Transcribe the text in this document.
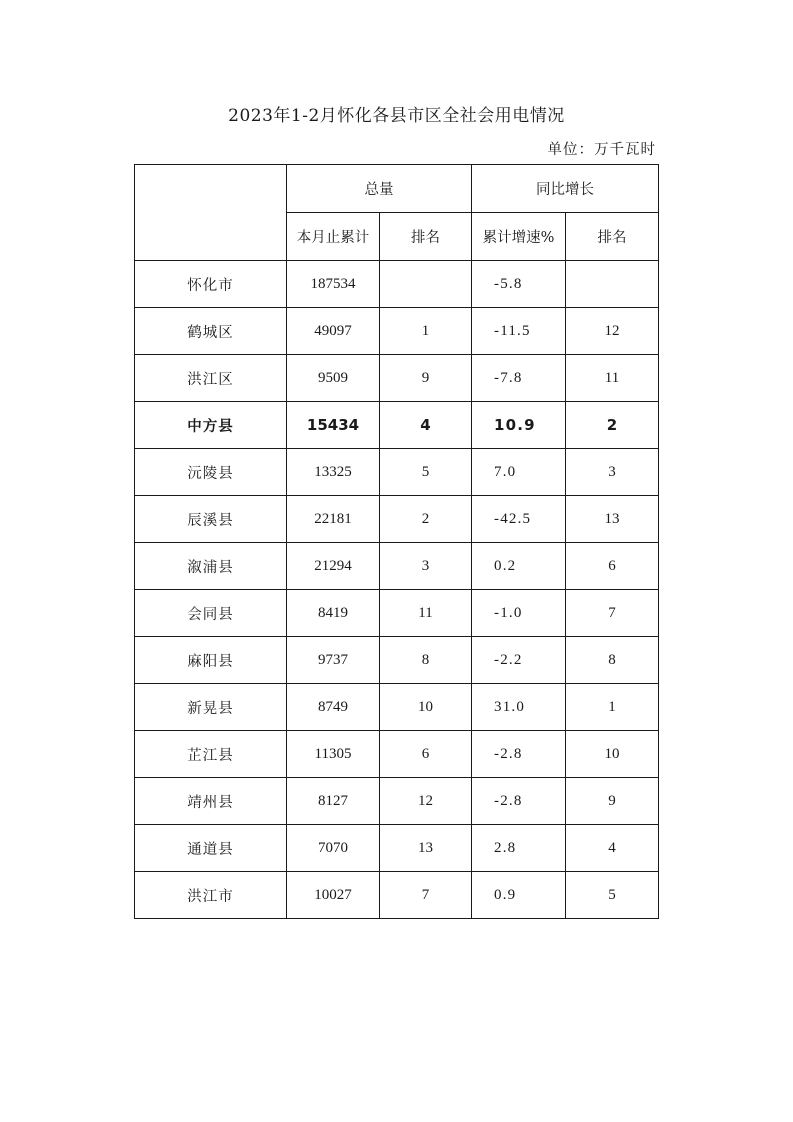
2023年1-2月怀化各县市区全社会用电情况
单位：万千瓦时
	总量		同比增长	
	本月止累计	排名	累计增速%	排名
怀化市	187534		-5.8	
鹤城区	49097	1	-11.5	12
洪江区	9509	9	-7.8	11
中方县	15434	4	10.9	2
沅陵县	13325	5	7.0	3
辰溪县	22181	2	-42.5	13
溆浦县	21294	3	0.2	6
会同县	8419	11	-1.0	7
麻阳县	9737	8	-2.2	8
新晃县	8749	10	31.0	1
芷江县	11305	6	-2.8	10
靖州县	8127	12	-2.8	9
通道县	7070	13	2.8	4
洪江市	10027	7	0.9	5
